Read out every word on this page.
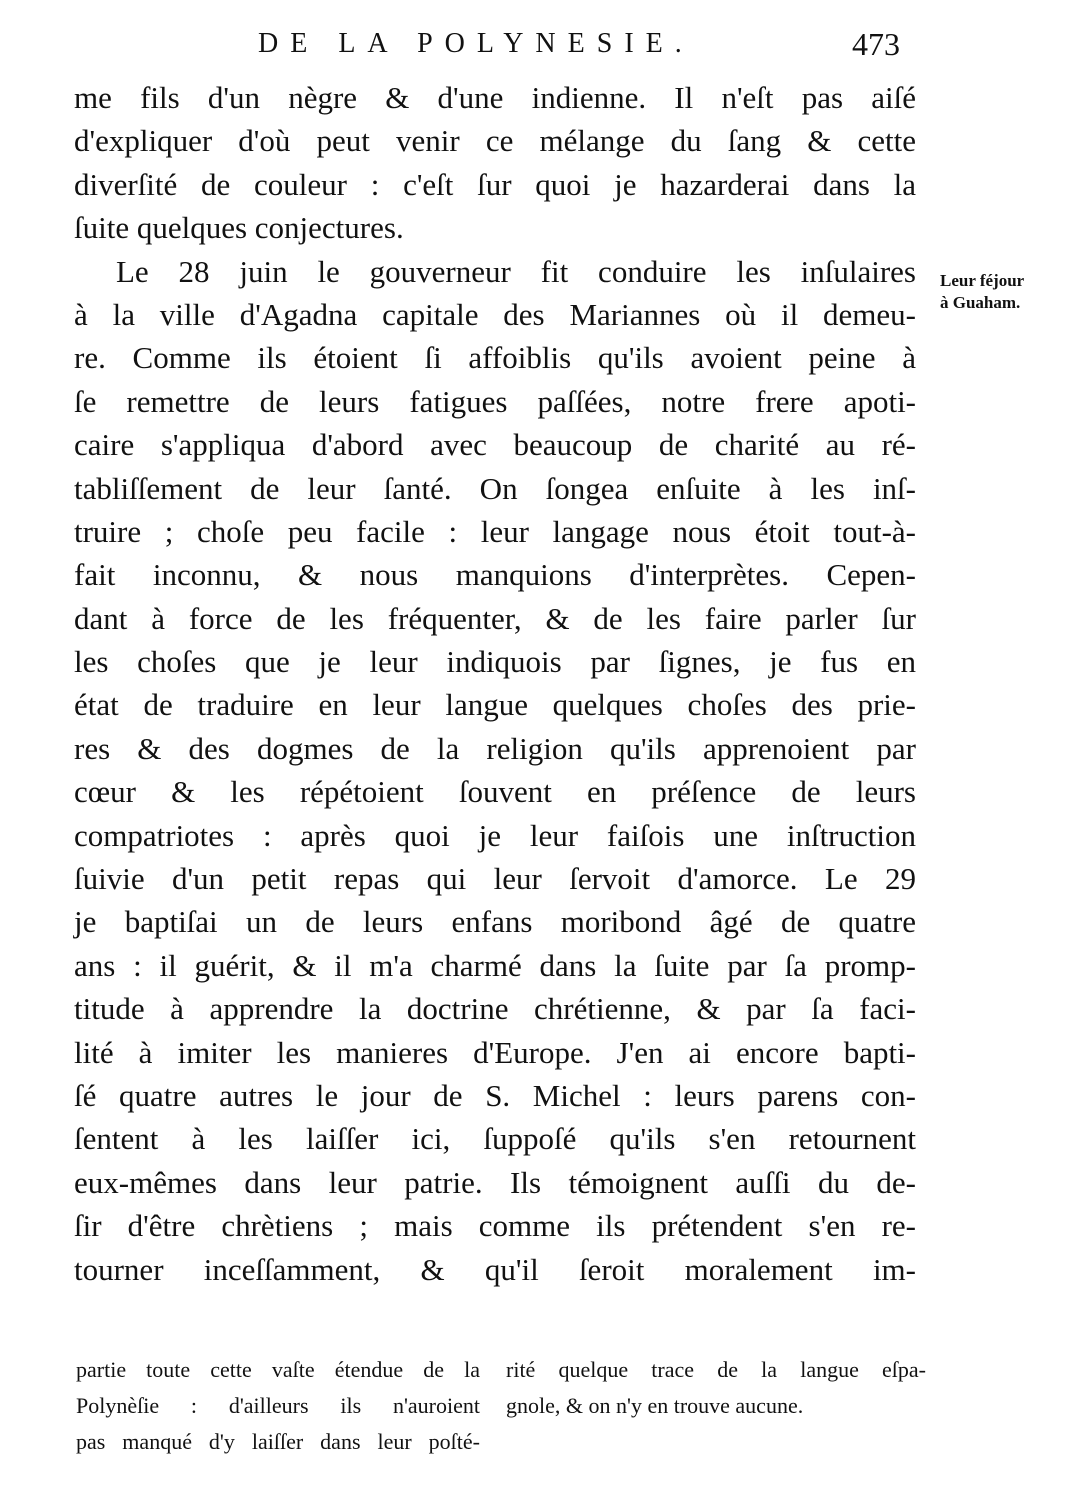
DE LA POLYNESIE.	473
me fils d'un nègre & d'une indienne. Il n'eſt pas aiſé
d'expliquer d'où peut venir ce mélange du ſang & cette
diverſité de couleur : c'eſt ſur quoi je hazarderai dans la
ſuite quelques conjectures.
Le 28 juin le gouverneur fit conduire les inſulaires
à la ville d'Agadna capitale des Mariannes où il demeu-
re. Comme ils étoient ſi affoiblis qu'ils avoient peine à
ſe remettre de leurs fatigues paſſées, notre frere apoti-
caire s'appliqua d'abord avec beaucoup de charité au ré-
tabliſſement de leur ſanté. On ſongea enſuite à les inſ-
truire ; choſe peu facile : leur langage nous étoit tout-à-
fait inconnu, & nous manquions d'interprètes. Cepen-
dant à force de les fréquenter, & de les faire parler ſur
les choſes que je leur indiquois par ſignes, je fus en
état de traduire en leur langue quelques choſes des prie-
res & des dogmes de la religion qu'ils apprenoient par
cœur & les répétoient ſouvent en préſence de leurs
compatriotes : après quoi je leur faiſois une inſtruction
ſuivie d'un petit repas qui leur ſervoit d'amorce. Le 29
je baptiſai un de leurs enfans moribond âgé de quatre
ans : il guérit, & il m'a charmé dans la ſuite par ſa promp-
titude à apprendre la doctrine chrétienne, & par ſa faci-
lité à imiter les manieres d'Europe. J'en ai encore bapti-
ſé quatre autres le jour de S. Michel : leurs parens con-
ſentent à les laiſſer ici, ſuppoſé qu'ils s'en retournent
eux-mêmes dans leur patrie. Ils témoignent auſſi du de-
ſir d'être chrètiens ; mais comme ils prétendent s'en re-
tourner inceſſamment, & qu'il ſeroit moralement im-
Leur féjour
à Guaham.
partie toute cette vaſte étendue de la
Polynèſie : d'ailleurs ils n'auroient
pas manqué d'y laiſſer dans leur poſté-
rité quelque trace de la langue eſpa-
gnole, & on n'y en trouve aucune.
